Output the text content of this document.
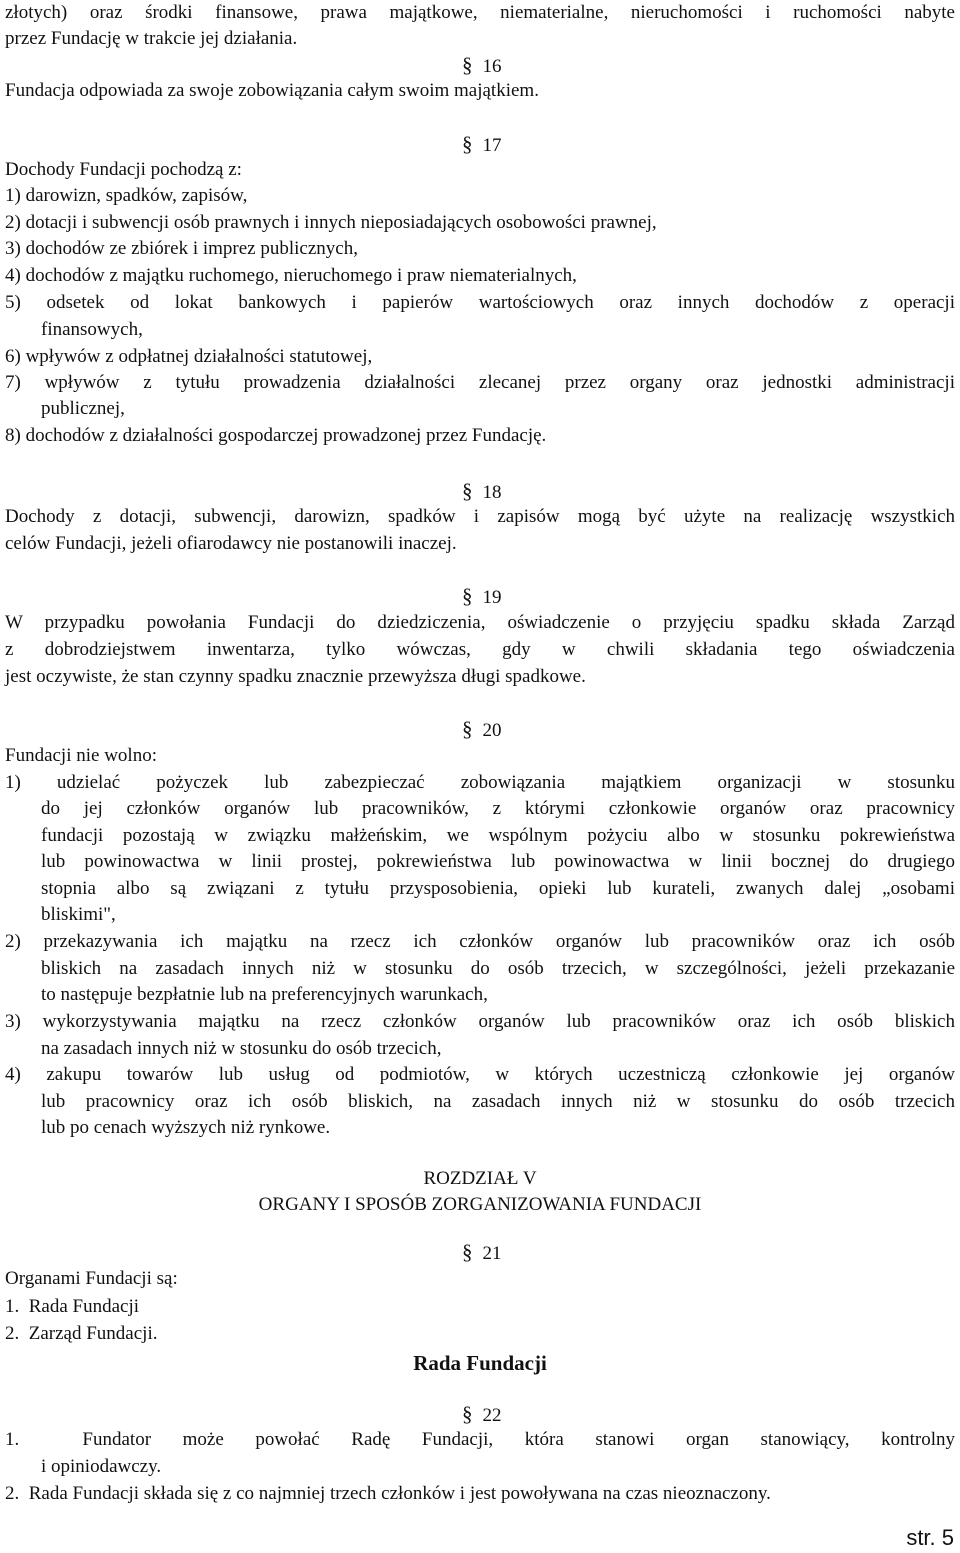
złotych) oraz środki finansowe, prawa majątkowe, niematerialne, nieruchomości i ruchomości nabyte
przez Fundację w trakcie jej działania.
§ 16
Fundacja odpowiada za swoje zobowiązania całym swoim majątkiem.
§ 17
Dochody Fundacji pochodzą z:
1) darowizn, spadków, zapisów,
2) dotacji i subwencji osób prawnych i innych nieposiadających osobowości prawnej,
3) dochodów ze zbiórek i imprez publicznych,
4) dochodów z majątku ruchomego, nieruchomego i praw niematerialnych,
5) odsetek od lokat bankowych i papierów wartościowych oraz innych dochodów z operacji
finansowych,
6) wpływów z odpłatnej działalności statutowej,
7) wpływów z tytułu prowadzenia działalności zlecanej przez organy oraz jednostki administracji
publicznej,
8) dochodów z działalności gospodarczej prowadzonej przez Fundację.
§ 18
Dochody z dotacji, subwencji, darowizn, spadków i zapisów mogą być użyte na realizację wszystkich
celów Fundacji, jeżeli ofiarodawcy nie postanowili inaczej.
§ 19
W przypadku powołania Fundacji do dziedziczenia, oświadczenie o przyjęciu spadku składa Zarząd
z dobrodziejstwem inwentarza, tylko wówczas, gdy w chwili składania tego oświadczenia
jest oczywiste, że stan czynny spadku znacznie przewyższa długi spadkowe.
§ 20
Fundacji nie wolno:
1) udzielać pożyczek lub zabezpieczać zobowiązania majątkiem organizacji w stosunku
do jej członków organów lub pracowników, z którymi członkowie organów oraz pracownicy
fundacji pozostają w związku małżeńskim, we wspólnym pożyciu albo w stosunku pokrewieństwa
lub powinowactwa w linii prostej, pokrewieństwa lub powinowactwa w linii bocznej do drugiego
stopnia albo są związani z tytułu przysposobienia, opieki lub kurateli, zwanych dalej „osobami
bliskimi",
2) przekazywania ich majątku na rzecz ich członków organów lub pracowników oraz ich osób
bliskich na zasadach innych niż w stosunku do osób trzecich, w szczególności, jeżeli przekazanie
to następuje bezpłatnie lub na preferencyjnych warunkach,
3) wykorzystywania majątku na rzecz członków organów lub pracowników oraz ich osób bliskich
na zasadach innych niż w stosunku do osób trzecich,
4) zakupu towarów lub usług od podmiotów, w których uczestniczą członkowie jej organów
lub pracownicy oraz ich osób bliskich, na zasadach innych niż w stosunku do osób trzecich
lub po cenach wyższych niż rynkowe.
ROZDZIAŁ V
ORGANY I SPOSÓB ZORGANIZOWANIA FUNDACJI
§ 21
Organami Fundacji są:
1.  Rada Fundacji
2.  Zarząd Fundacji.
Rada Fundacji
§ 22
1.  Fundator może powołać Radę Fundacji, która stanowi organ stanowiący, kontrolny
i opiniodawczy.
2.  Rada Fundacji składa się z co najmniej trzech członków i jest powoływana na czas nieoznaczony.
str. 5
